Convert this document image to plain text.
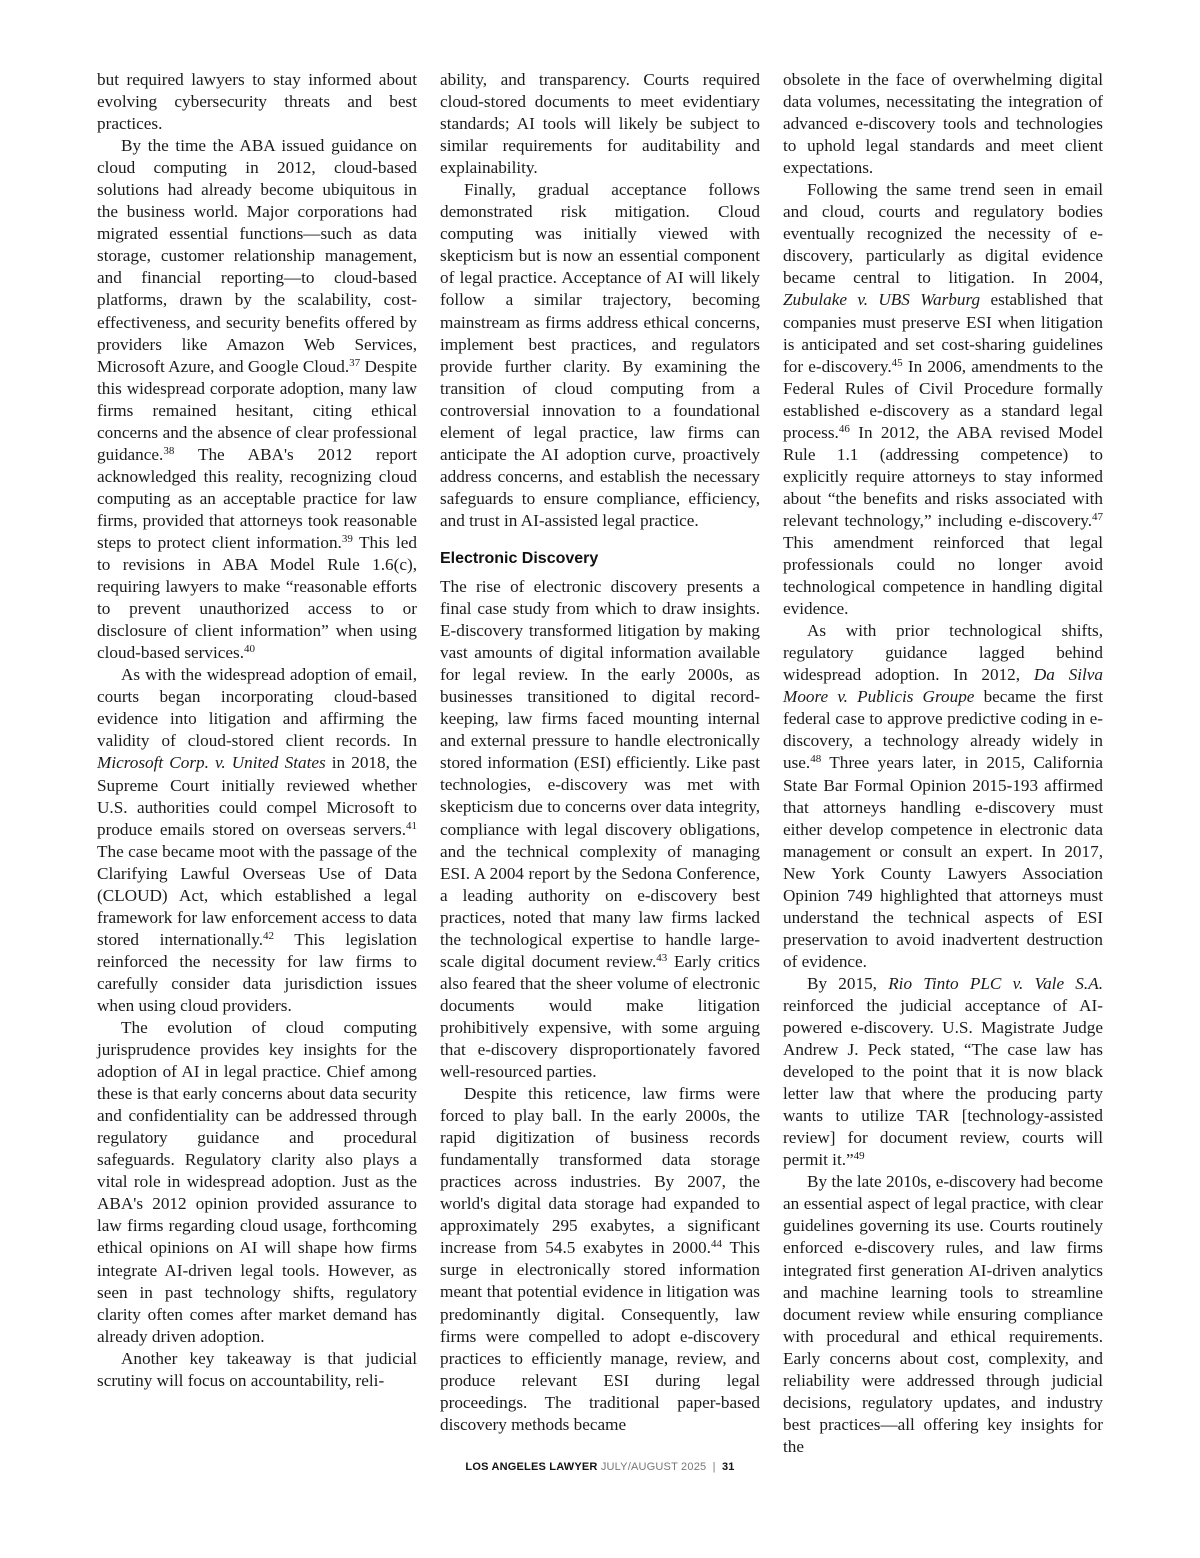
but required lawyers to stay informed about evolving cybersecurity threats and best practices.

By the time the ABA issued guidance on cloud computing in 2012, cloud-based solutions had already become ubiquitous in the business world. Major corporations had migrated essential functions—such as data storage, customer relationship management, and financial reporting—to cloud-based platforms, drawn by the scalability, cost-effectiveness, and security benefits offered by providers like Amazon Web Services, Microsoft Azure, and Google Cloud.$^{37}$ Despite this widespread corporate adoption, many law firms remained hesitant, citing ethical concerns and the absence of clear professional guidance.$^{38}$ The ABA's 2012 report acknowledged this reality, recognizing cloud computing as an acceptable practice for law firms, provided that attorneys took reasonable steps to protect client information.$^{39}$ This led to revisions in ABA Model Rule 1.6(c), requiring lawyers to make “reasonable efforts to prevent unauthorized access to or disclosure of client information” when using cloud-based services.$^{40}$

As with the widespread adoption of email, courts began incorporating cloud-based evidence into litigation and affirming the validity of cloud-stored client records. In Microsoft Corp. v. United States in 2018, the Supreme Court initially reviewed whether U.S. authorities could compel Microsoft to produce emails stored on overseas servers.$^{41}$ The case became moot with the passage of the Clarifying Lawful Overseas Use of Data (CLOUD) Act, which established a legal framework for law enforcement access to data stored internationally.$^{42}$ This legislation reinforced the necessity for law firms to carefully consider data jurisdiction issues when using cloud providers.

The evolution of cloud computing jurisprudence provides key insights for the adoption of AI in legal practice. Chief among these is that early concerns about data security and confidentiality can be addressed through regulatory guidance and procedural safeguards. Regulatory clarity also plays a vital role in widespread adoption. Just as the ABA's 2012 opinion provided assurance to law firms regarding cloud usage, forthcoming ethical opinions on AI will shape how firms integrate AI-driven legal tools. However, as seen in past technology shifts, regulatory clarity often comes after market demand has already driven adoption.

Another key takeaway is that judicial scrutiny will focus on accountability, reli-

ability, and transparency. Courts required cloud-stored documents to meet evidentiary standards; AI tools will likely be subject to similar requirements for auditability and explainability.

Finally, gradual acceptance follows demonstrated risk mitigation. Cloud computing was initially viewed with skepticism but is now an essential component of legal practice. Acceptance of AI will likely follow a similar trajectory, becoming mainstream as firms address ethical concerns, implement best practices, and regulators provide further clarity. By examining the transition of cloud computing from a controversial innovation to a foundational element of legal practice, law firms can anticipate the AI adoption curve, proactively address concerns, and establish the necessary safeguards to ensure compliance, efficiency, and trust in AI-assisted legal practice.

Electronic Discovery

The rise of electronic discovery presents a final case study from which to draw insights. E-discovery transformed litigation by making vast amounts of digital information available for legal review. In the early 2000s, as businesses transitioned to digital record-keeping, law firms faced mounting internal and external pressure to handle electronically stored information (ESI) efficiently. Like past technologies, e-discovery was met with skepticism due to concerns over data integrity, compliance with legal discovery obligations, and the technical complexity of managing ESI. A 2004 report by the Sedona Conference, a leading authority on e-discovery best practices, noted that many law firms lacked the technological expertise to handle large-scale digital document review.$^{43}$ Early critics also feared that the sheer volume of electronic documents would make litigation prohibitively expensive, with some arguing that e-discovery disproportionately favored well-resourced parties.

Despite this reticence, law firms were forced to play ball. In the early 2000s, the rapid digitization of business records fundamentally transformed data storage practices across industries. By 2007, the world's digital data storage had expanded to approximately 295 exabytes, a significant increase from 54.5 exabytes in 2000.44 This surge in electronically stored information meant that potential evidence in litigation was predominantly digital. Consequently, law firms were compelled to adopt e-discovery practices to efficiently manage, review, and produce relevant ESI during legal proceedings. The traditional paper-based discovery methods became

obsolete in the face of overwhelming digital data volumes, necessitating the integration of advanced e-discovery tools and technologies to uphold legal standards and meet client expectations.

Following the same trend seen in email and cloud, courts and regulatory bodies eventually recognized the necessity of e-discovery, particularly as digital evidence became central to litigation. In 2004, Zubulake v. UBS Warburg established that companies must preserve ESI when litigation is anticipated and set cost-sharing guidelines for e-discovery.$^{45}$ In 2006, amendments to the Federal Rules of Civil Procedure formally established e-discovery as a standard legal process.$^{46}$ In 2012, the ABA revised Model Rule 1.1 (addressing competence) to explicitly require attorneys to stay informed about “the benefits and risks associated with relevant technology,” including e-discovery.$^{47}$ This amendment reinforced that legal professionals could no longer avoid technological competence in handling digital evidence.

As with prior technological shifts, regulatory guidance lagged behind widespread adoption. In 2012, Da Silva Moore v. Publicis Groupe became the first federal case to approve predictive coding in e-discovery, a technology already widely in use.$^{48}$ Three years later, in 2015, California State Bar Formal Opinion 2015-193 affirmed that attorneys handling e-discovery must either develop competence in electronic data management or consult an expert. In 2017, New York County Lawyers Association Opinion 749 highlighted that attorneys must understand the technical aspects of ESI preservation to avoid inadvertent destruction of evidence.

By 2015, Rio Tinto PLC v. Vale S.A. reinforced the judicial acceptance of AI-powered e-discovery. U.S. Magistrate Judge Andrew J. Peck stated, “The case law has developed to the point that it is now black letter law that where the producing party wants to utilize TAR [technology-assisted review] for document review, courts will permit it.”$^{49}$

By the late 2010s, e-discovery had become an essential aspect of legal practice, with clear guidelines governing its use. Courts routinely enforced e-discovery rules, and law firms integrated first generation AI-driven analytics and machine learning tools to streamline document review while ensuring compliance with procedural and ethical requirements. Early concerns about cost, complexity, and reliability were addressed through judicial decisions, regulatory updates, and industry best practices—all offering key insights for the

LOS ANGELES LAWYER JULY/AUGUST 2025 | 31
